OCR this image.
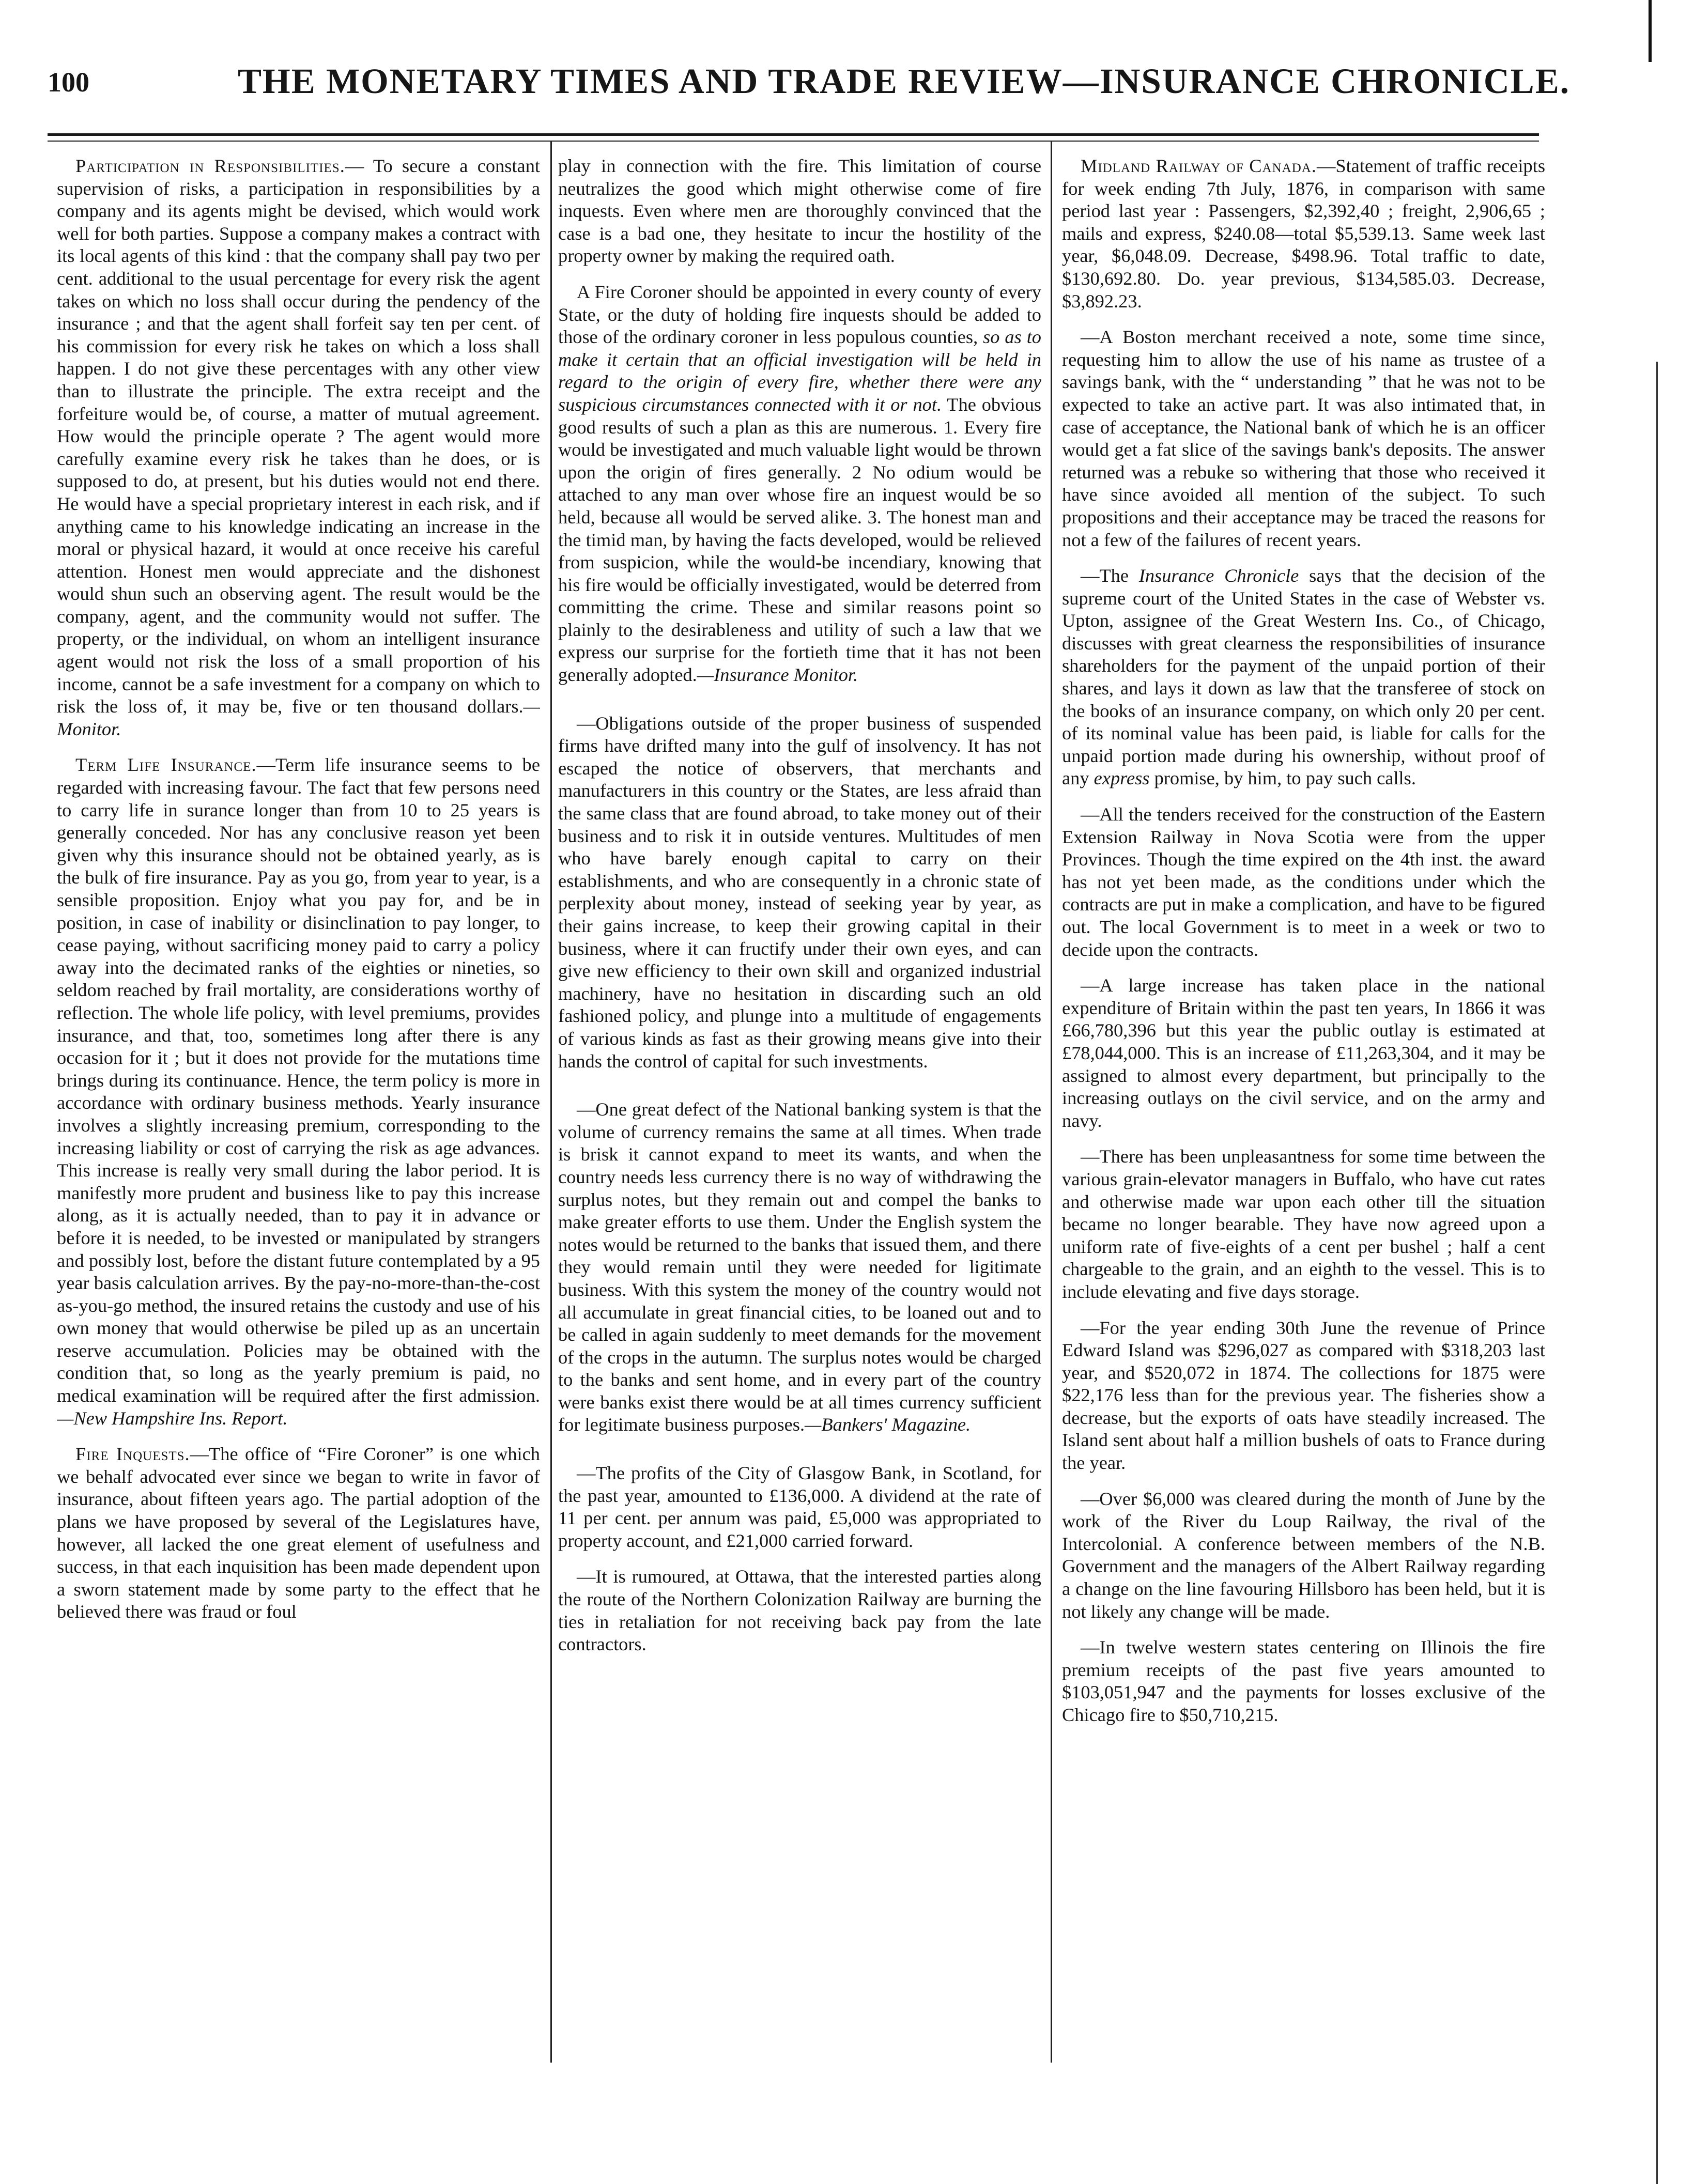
100	THE MONETARY TIMES AND TRADE REVIEW—INSURANCE CHRONICLE.

Participation in Responsibilities.— To secure a constant supervision of risks, a participation in responsibilities by a company and its agents might be devised, which would work well for both parties. Suppose a company makes a contract with its local agents of this kind : that the company shall pay two per cent. additional to the usual percentage for every risk the agent takes on which no loss shall occur during the pendency of the insurance ; and that the agent shall forfeit say ten per cent. of his commission for every risk he takes on which a loss shall happen. I do not give these percentages with any other view than to illustrate the principle. The extra receipt and the forfeiture would be, of course, a matter of mutual agreement. How would the principle operate ? The agent would more carefully examine every risk he takes than he does, or is supposed to do, at present, but his duties would not end there. He would have a special proprietary interest in each risk, and if anything came to his knowledge indicating an increase in the moral or physical hazard, it would at once receive his careful attention. Honest men would appreciate and the dishonest would shun such an observing agent. The result would be the company, agent, and the community would not suffer. The property, or the individual, on whom an intelligent insurance agent would not risk the loss of a small proportion of his income, cannot be a safe investment for a company on which to risk the loss of, it may be, five or ten thousand dollars.—Monitor.

Term Life Insurance.—Term life insurance seems to be regarded with increasing favour. The fact that few persons need to carry life in surance longer than from 10 to 25 years is generally conceded. Nor has any conclusive reason yet been given why this insurance should not be obtained yearly, as is the bulk of fire insurance. Pay as you go, from year to year, is a sensible proposition. Enjoy what you pay for, and be in position, in case of inability or disinclination to pay longer, to cease paying, without sacrificing money paid to carry a policy away into the decimated ranks of the eighties or nineties, so seldom reached by frail mortality, are considerations worthy of reflection. The whole life policy, with level premiums, provides insurance, and that, too, sometimes long after there is any occasion for it ; but it does not provide for the mutations time brings during its continuance. Hence, the term policy is more in accordance with ordinary business methods. Yearly insurance involves a slightly increasing premium, corresponding to the increasing liability or cost of carrying the risk as age advances. This increase is really very small during the labor period. It is manifestly more prudent and business like to pay this increase along, as it is actually needed, than to pay it in advance or before it is needed, to be invested or manipulated by strangers and possibly lost, before the distant future contemplated by a 95 year basis calculation arrives. By the pay-no-more-than-the-cost as-you-go method, the insured retains the custody and use of his own money that would otherwise be piled up as an uncertain reserve accumulation. Policies may be obtained with the condition that, so long as the yearly premium is paid, no medical examination will be required after the first admission. —New Hampshire Ins. Report.

Fire Inquests.—The office of “Fire Coroner” is one which we behalf advocated ever since we began to write in favor of insurance, about fifteen years ago. The partial adoption of the plans we have proposed by several of the Legislatures have, however, all lacked the one great element of usefulness and success, in that each inquisition has been made dependent upon a sworn statement made by some party to the effect that he believed there was fraud or foul

play in connection with the fire. This limitation of course neutralizes the good which might otherwise come of fire inquests. Even where men are thoroughly convinced that the case is a bad one, they hesitate to incur the hostility of the property owner by making the required oath.

A Fire Coroner should be appointed in every county of every State, or the duty of holding fire inquests should be added to those of the ordinary coroner in less populous counties, so as to make it certain that an official investigation will be held in regard to the origin of every fire, whether there were any suspicious circumstances connected with it or not. The obvious good results of such a plan as this are numerous. 1. Every fire would be investigated and much valuable light would be thrown upon the origin of fires generally. 2 No odium would be attached to any man over whose fire an inquest would be so held, because all would be served alike. 3. The honest man and the timid man, by having the facts developed, would be relieved from suspicion, while the would-be incendiary, knowing that his fire would be officially investigated, would be deterred from committing the crime. These and similar reasons point so plainly to the desirableness and utility of such a law that we express our surprise for the fortieth time that it has not been generally adopted.—Insurance Monitor.

—Obligations outside of the proper business of suspended firms have drifted many into the gulf of insolvency. It has not escaped the notice of observers, that merchants and manufacturers in this country or the States, are less afraid than the same class that are found abroad, to take money out of their business and to risk it in outside ventures. Multitudes of men who have barely enough capital to carry on their establishments, and who are consequently in a chronic state of perplexity about money, instead of seeking year by year, as their gains increase, to keep their growing capital in their business, where it can fructify under their own eyes, and can give new efficiency to their own skill and organized industrial machinery, have no hesitation in discarding such an old fashioned policy, and plunge into a multitude of engagements of various kinds as fast as their growing means give into their hands the control of capital for such investments.

—One great defect of the National banking system is that the volume of currency remains the same at all times. When trade is brisk it cannot expand to meet its wants, and when the country needs less currency there is no way of withdrawing the surplus notes, but they remain out and compel the banks to make greater efforts to use them. Under the English system the notes would be returned to the banks that issued them, and there they would remain until they were needed for ligitimate business. With this system the money of the country would not all accumulate in great financial cities, to be loaned out and to be called in again suddenly to meet demands for the movement of the crops in the autumn. The surplus notes would be charged to the banks and sent home, and in every part of the country were banks exist there would be at all times currency sufficient for legitimate business purposes.—Bankers' Magazine.

—The profits of the City of Glasgow Bank, in Scotland, for the past year, amounted to £136,000. A dividend at the rate of 11 per cent. per annum was paid, £5,000 was appropriated to property account, and £21,000 carried forward.

—It is rumoured, at Ottawa, that the interested parties along the route of the Northern Colonization Railway are burning the ties in retaliation for not receiving back pay from the late contractors.

Midland Railway of Canada.—Statement of traffic receipts for week ending 7th July, 1876, in comparison with same period last year : Passengers, $2,392,40 ; freight, 2,906,65 ; mails and express, $240.08—total $5,539.13. Same week last year, $6,048.09. Decrease, $498.96. Total traffic to date, $130,692.80. Do. year previous, $134,585.03. Decrease, $3,892.23.

—A Boston merchant received a note, some time since, requesting him to allow the use of his name as trustee of a savings bank, with the “ understanding ” that he was not to be expected to take an active part. It was also intimated that, in case of acceptance, the National bank of which he is an officer would get a fat slice of the savings bank's deposits. The answer returned was a rebuke so withering that those who received it have since avoided all mention of the subject. To such propositions and their acceptance may be traced the reasons for not a few of the failures of recent years.

—The Insurance Chronicle says that the decision of the supreme court of the United States in the case of Webster vs. Upton, assignee of the Great Western Ins. Co., of Chicago, discusses with great clearness the responsibilities of insurance shareholders for the payment of the unpaid portion of their shares, and lays it down as law that the transferee of stock on the books of an insurance company, on which only 20 per cent. of its nominal value has been paid, is liable for calls for the unpaid portion made during his ownership, without proof of any express promise, by him, to pay such calls.

—All the tenders received for the construction of the Eastern Extension Railway in Nova Scotia were from the upper Provinces. Though the time expired on the 4th inst. the award has not yet been made, as the conditions under which the contracts are put in make a complication, and have to be figured out. The local Government is to meet in a week or two to decide upon the contracts.

—A large increase has taken place in the national expenditure of Britain within the past ten years, In 1866 it was £66,780,396 but this year the public outlay is estimated at £78,044,000. This is an increase of £11,263,304, and it may be assigned to almost every department, but principally to the increasing outlays on the civil service, and on the army and navy.

—There has been unpleasantness for some time between the various grain-elevator managers in Buffalo, who have cut rates and otherwise made war upon each other till the situation became no longer bearable. They have now agreed upon a uniform rate of five-eights of a cent per bushel ; half a cent chargeable to the grain, and an eighth to the vessel. This is to include elevating and five days storage.

—For the year ending 30th June the revenue of Prince Edward Island was $296,027 as compared with $318,203 last year, and $520,072 in 1874. The collections for 1875 were $22,176 less than for the previous year. The fisheries show a decrease, but the exports of oats have steadily increased. The Island sent about half a million bushels of oats to France during the year.

—Over $6,000 was cleared during the month of June by the work of the River du Loup Railway, the rival of the Intercolonial. A conference between members of the N.B. Government and the managers of the Albert Railway regarding a change on the line favouring Hillsboro has been held, but it is not likely any change will be made.

—In twelve western states centering on Illinois the fire premium receipts of the past five years amounted to $103,051,947 and the payments for losses exclusive of the Chicago fire to $50,710,215.
